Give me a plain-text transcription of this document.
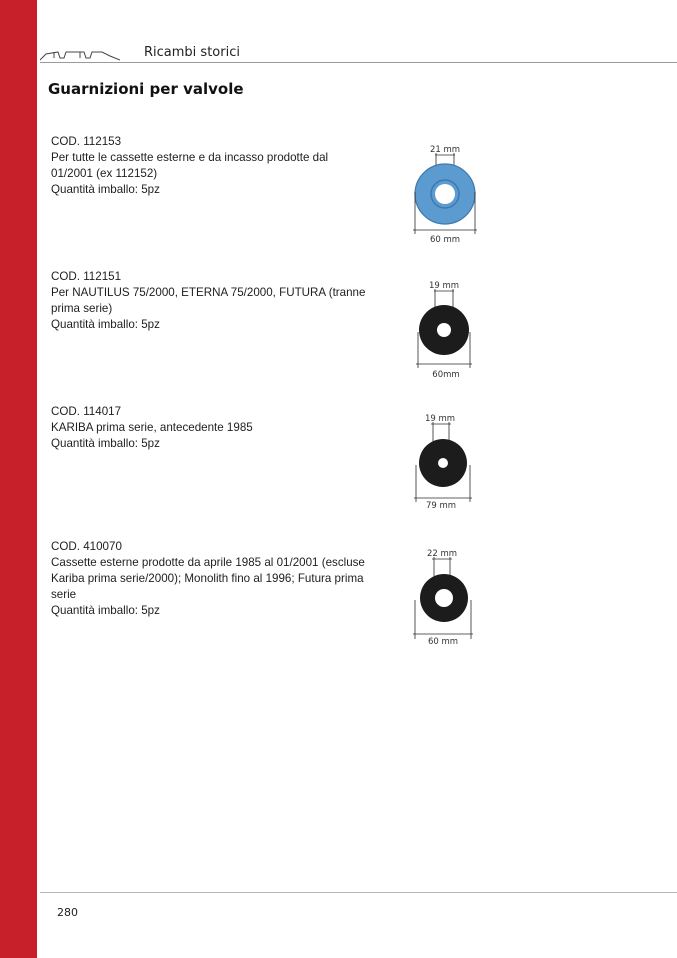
Ricambi storici
Guarnizioni per valvole
COD. 112153
Per tutte le cassette esterne e da incasso prodotte dal 01/2001 (ex 112152)
Quantità imballo: 5pz
21 mm
60 mm
COD. 112151
Per NAUTILUS 75/2000, ETERNA 75/2000, FUTURA (tranne prima serie)
Quantità imballo: 5pz
19 mm
60mm
COD. 114017
KARIBA prima serie, antecedente 1985
Quantità imballo: 5pz
19 mm
79 mm
COD. 410070
Cassette esterne prodotte da aprile 1985 al 01/2001 (escluse Kariba prima serie/2000); Monolith fino al 1996; Futura prima serie
Quantità imballo: 5pz
22 mm
60 mm
280
